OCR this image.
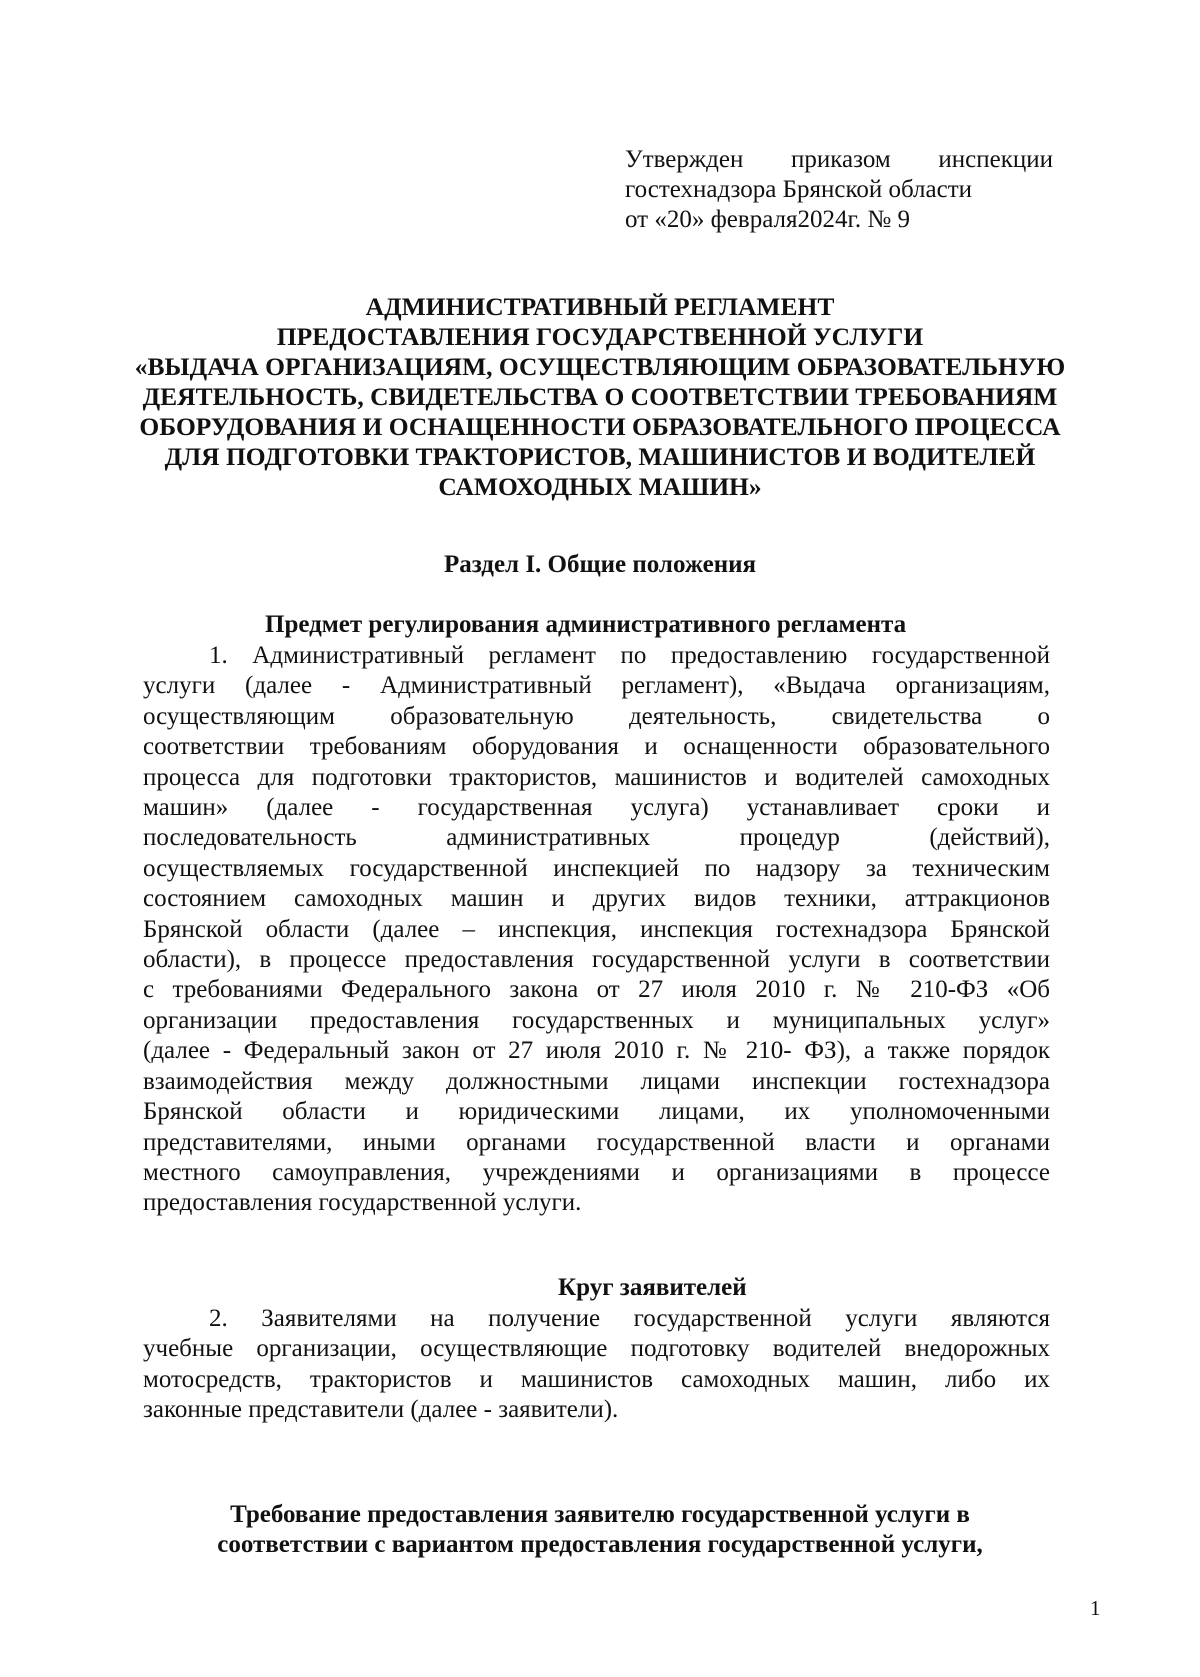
Утвержден приказом инспекции
гостехнадзора Брянской области
от «20» февраля2024г. № 9
АДМИНИСТРАТИВНЫЙ РЕГЛАМЕНТ
ПРЕДОСТАВЛЕНИЯ ГОСУДАРСТВЕННОЙ УСЛУГИ
«ВЫДАЧА ОРГАНИЗАЦИЯМ, ОСУЩЕСТВЛЯЮЩИМ ОБРАЗОВАТЕЛЬНУЮ
ДЕЯТЕЛЬНОСТЬ, СВИДЕТЕЛЬСТВА О СООТВЕТСТВИИ ТРЕБОВАНИЯМ
ОБОРУДОВАНИЯ И ОСНАЩЕННОСТИ ОБРАЗОВАТЕЛЬНОГО ПРОЦЕССА
ДЛЯ ПОДГОТОВКИ ТРАКТОРИСТОВ, МАШИНИСТОВ И ВОДИТЕЛЕЙ
САМОХОДНЫХ МАШИН»
Раздел I. Общие положения
Предмет регулирования административного регламента
1. Административный регламент по предоставлению государственной
услуги (далее - Административный регламент), «Выдача организациям,
осуществляющим образовательную деятельность, свидетельства о
соответствии требованиям оборудования и оснащенности образовательного
процесса для подготовки трактористов, машинистов и водителей самоходных
машин» (далее - государственная услуга) устанавливает сроки и
последовательность административных процедур (действий),
осуществляемых государственной инспекцией по надзору за техническим
состоянием самоходных машин и других видов техники, аттракционов
Брянской области (далее – инспекция, инспекция гостехнадзора Брянской
области), в процессе предоставления государственной услуги в соответствии
с требованиями Федерального закона от 27 июля 2010 г. № 210-ФЗ «Об
организации предоставления государственных и муниципальных услуг»
(далее - Федеральный закон от 27 июля 2010 г. № 210- ФЗ), а также порядок
взаимодействия между должностными лицами инспекции гостехнадзора
Брянской области и юридическими лицами, их уполномоченными
представителями, иными органами государственной власти и органами
местного самоуправления, учреждениями и организациями в процессе
предоставления государственной услуги.
Круг заявителей
2. Заявителями на получение государственной услуги являются
учебные организации, осуществляющие подготовку водителей внедорожных
мотосредств, трактористов и машинистов самоходных машин, либо их
законные представители (далее - заявители).
Требование предоставления заявителю государственной услуги в
соответствии с вариантом предоставления государственной услуги,
1
